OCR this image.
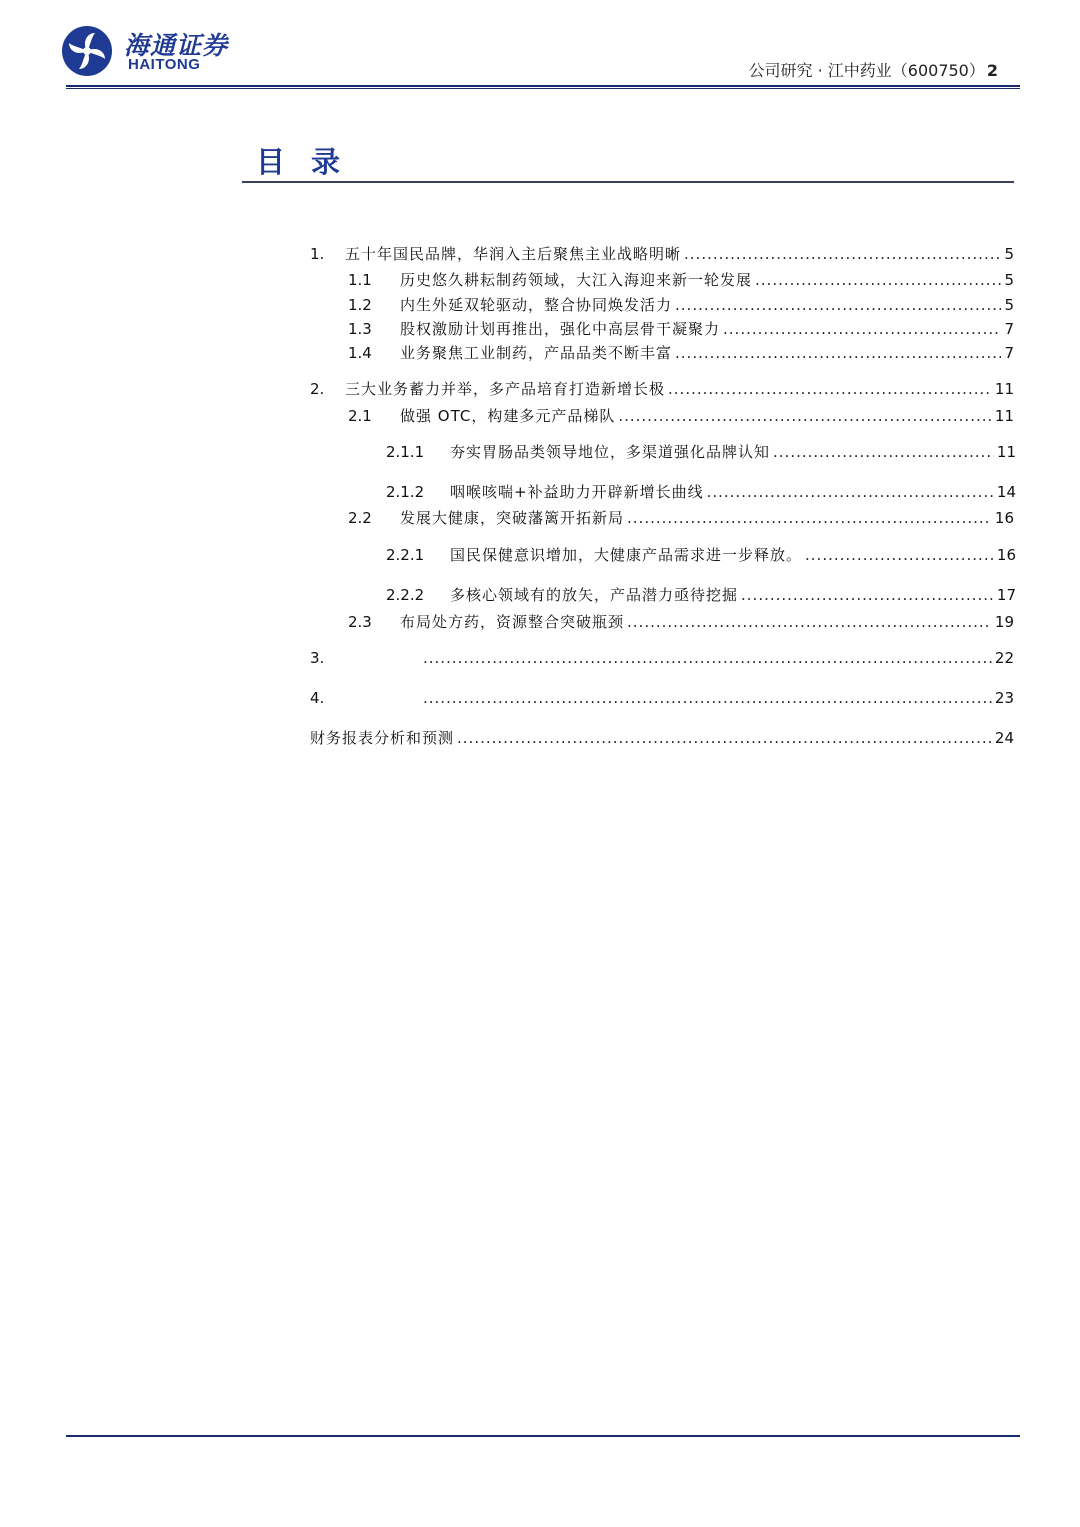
海通证券
HAITONG	公司研究 · 江中药业（600750） 2
目录
1.	五十年国民品牌，华润入主后聚焦主业战略明晰 .....	5
1.1	历史悠久耕耘制药领域，大江入海迎来新一轮发展 .....	5
1.2	内生外延双轮驱动，整合协同焕发活力 .....	5
1.3	股权激励计划再推出，强化中高层骨干凝聚力 .....	7
1.4	业务聚焦工业制药，产品品类不断丰富 .....	7
2.	三大业务蓄力并举，多产品培育打造新增长极 .....	11
2.1	做强 OTC，构建多元产品梯队 .....	11
2.1.1	夯实胃肠品类领导地位，多渠道强化品牌认知 .....	11
2.1.2	咽喉咳喘+补益助力开辟新增长曲线 .....	14
2.2	发展大健康，突破藩篱开拓新局 .....	16
2.2.1	国民保健意识增加，大健康产品需求进一步释放。 .....	16
2.2.2	多核心领域有的放矢，产品潜力亟待挖掘 .....	17
2.3	布局处方药，资源整合突破瓶颈 .....	19
3. .....	22
4. .....	23
财务报表分析和预测 .....	24
